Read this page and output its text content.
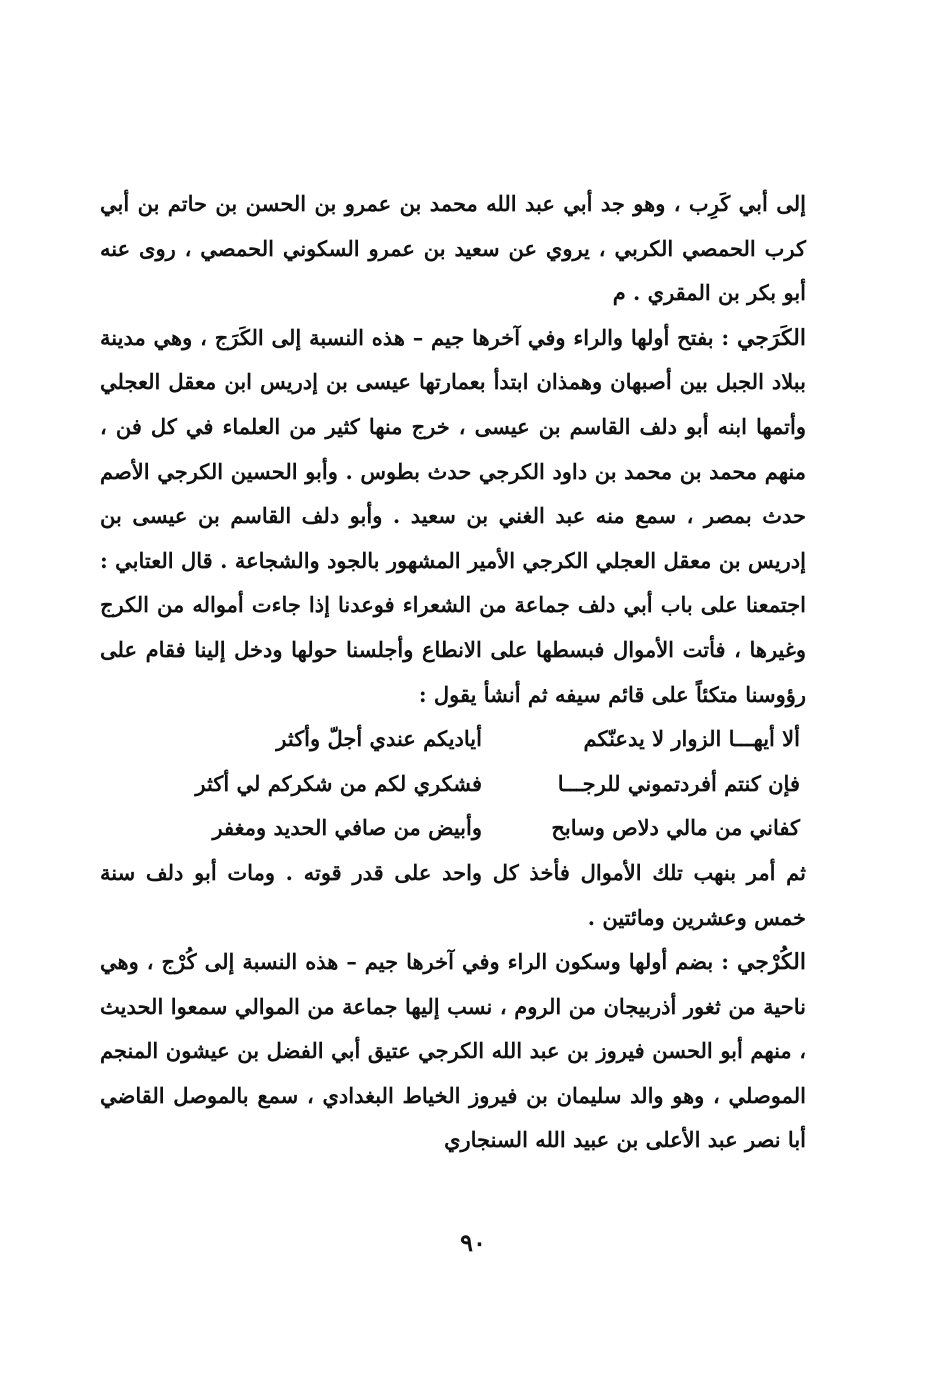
إلى أبي كَرِب ، وهو جد أبي عبد الله محمد بن عمرو بن الحسن بن حاتم بن أبي كرب الحمصي الكربي ، يروي عن سعيد بن عمرو السكوني الحمصي ، روى عنه أبو بكر بن المقري . م

الكَرَجي : بفتح أولها والراء وفي آخرها جيم – هذه النسبة إلى الكَرَج ، وهي مدينة ببلاد الجبل بين أصبهان وهمذان ابتدأ بعمارتها عيسى بن إدريس ابن معقل العجلي وأتمها ابنه أبو دلف القاسم بن عيسى ، خرج منها كثير من العلماء في كل فن ، منهم محمد بن محمد بن داود الكرجي حدث بطوس . وأبو الحسين الكرجي الأصم حدث بمصر ، سمع منه عبد الغني بن سعيد . وأبو دلف القاسم بن عيسى بن إدريس بن معقل العجلي الكرجي الأمير المشهور بالجود والشجاعة . قال العتابي : اجتمعنا على باب أبي دلف جماعة من الشعراء فوعدنا إذا جاءت أمواله من الكرج وغيرها ، فأتت الأموال فبسطها على الانطاع وأجلسنا حولها ودخل إلينا فقام على رؤوسنا متكئاً على قائم سيفه ثم أنشأ يقول :

ألا أيهـــا الزوار لا يدعنّكم
أياديكم عندي أجلّ وأكثر
فإن كنتم أفردتموني للرجـــا
فشكري لكم من شكركم لي أكثر
كفاني من مالي دلاص وسابح
وأبيض من صافي الحديد ومغفر

ثم أمر بنهب تلك الأموال فأخذ كل واحد على قدر قوته . ومات أبو دلف سنة خمس وعشرين ومائتين .

الكُرْجي : بضم أولها وسكون الراء وفي آخرها جيم – هذه النسبة إلى كُرْج ، وهي ناحية من ثغور أذربيجان من الروم ، نسب إليها جماعة من الموالي سمعوا الحديث ، منهم أبو الحسن فيروز بن عبد الله الكرجي عتيق أبي الفضل بن عيشون المنجم الموصلي ، وهو والد سليمان بن فيروز الخياط البغدادي ، سمع بالموصل القاضي أبا نصر عبد الأعلى بن عبيد الله السنجاري

٩٠
